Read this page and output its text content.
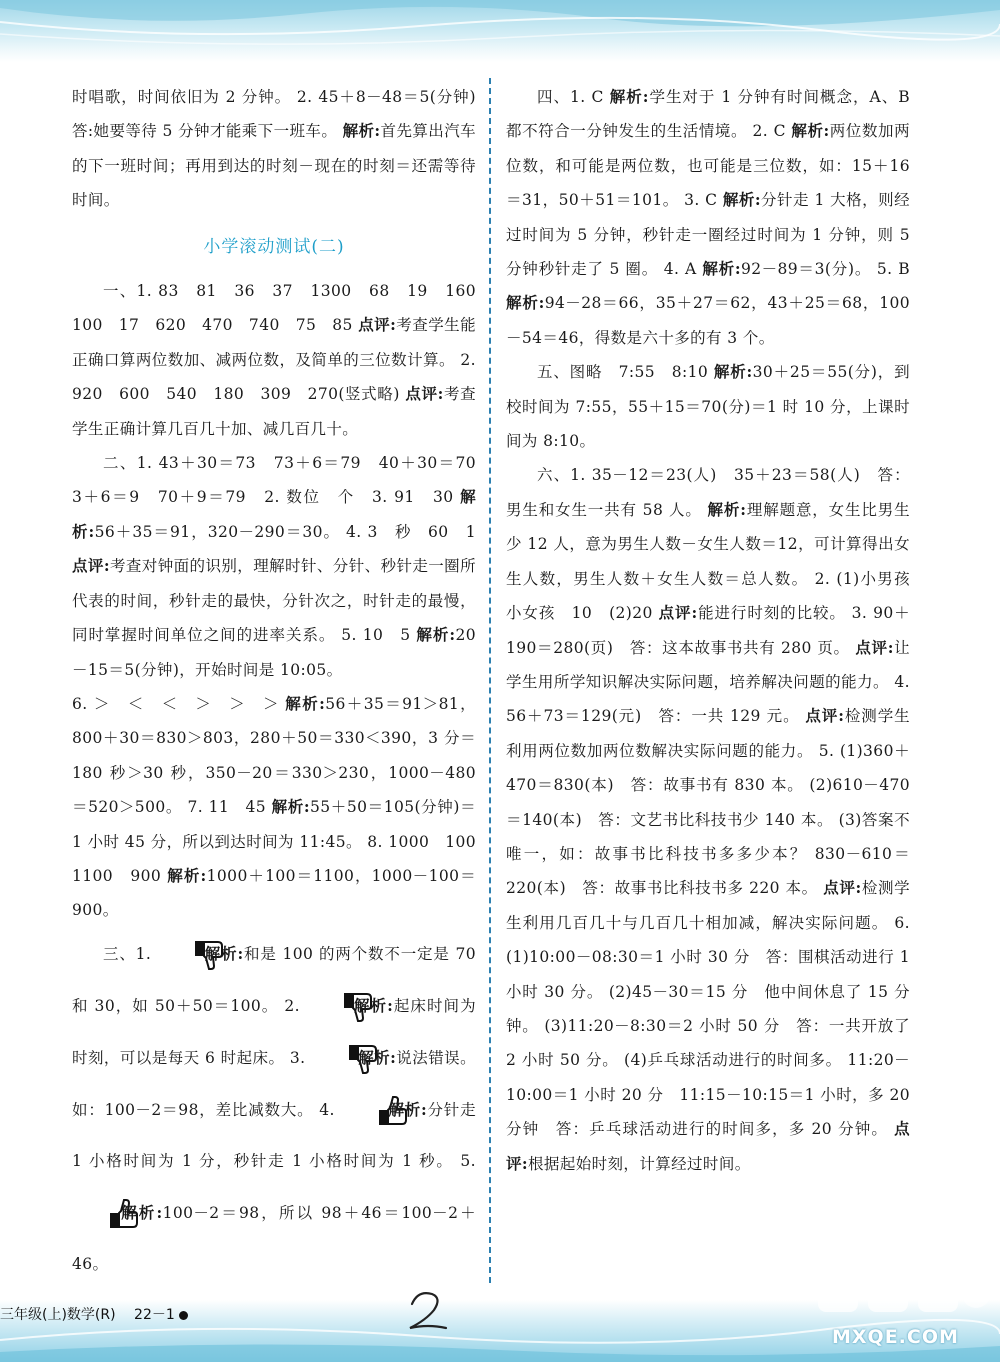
时唱歌，时间依旧为 2 分钟。 2. 45＋8－48＝5(分钟)　答:她要等待 5 分钟才能乘下一班车。 解析:首先算出汽车的下一班时间；再用到达的时刻－现在的时刻＝还需等待时间。

小学滚动测试(二)

一、1. 83　81　36　37　1300　68　19　160　100　17　620　470　740　75　85 点评:考查学生能正确口算两位数加、减两位数，及简单的三位数计算。 2. 920　600　540　180　309　270(竖式略) 点评:考查学生正确计算几百几十加、减几百几十。

二、1. 43＋30＝73　73＋6＝79　40＋30＝70　3＋6＝9　70＋9＝79　2. 数位　个　3. 91　30 解析:56＋35＝91，320－290＝30。 4. 3　秒　60　1 点评:考查对钟面的识别，理解时针、分针、秒针走一圈所代表的时间，秒针走的最快，分针次之，时针走的最慢，同时掌握时间单位之间的进率关系。 5. 10　5 解析:20－15＝5(分钟)，开始时间是 10:05。

6. ＞　＜　＜　＞　＞　＞ 解析:56＋35＝91＞81，800＋30＝830＞803，280＋50＝330＜390，3 分＝180 秒＞30 秒，350－20＝330＞230，1000－480＝520＞500。 7. 11　45 解析:55＋50＝105(分钟)＝1 小时 45 分，所以到达时间为 11:45。 8. 1000　100　1100　900 解析:1000＋100＝1100，1000－100＝900。

三、1.	解析:和是 100 的两个数不一定是 70 和 30，如 50＋50＝100。 2.	解析:起床时间为时刻，可以是每天 6 时起床。 3.	解析:说法错误。如：100－2＝98，差比减数大。 4.	解析:分针走 1 小格时间为 1 分，秒针走 1 小格时间为 1 秒。 5.  解析:100－2＝98，所以 98＋46＝100－2＋46。

四、1. C 解析:学生对于 1 分钟有时间概念，A、B 都不符合一分钟发生的生活情境。 2. C 解析:两位数加两位数，和可能是两位数，也可能是三位数，如：15＋16＝31，50＋51＝101。 3. C 解析:分针走 1 大格，则经过时间为 5 分钟，秒针走一圈经过时间为 1 分钟，则 5 分钟秒针走了 5 圈。 4. A 解析:92－89＝3(分)。 5. B 解析:94－28＝66，35＋27＝62，43＋25＝68，100－54＝46，得数是六十多的有 3 个。

五、图略　7:55　8:10 解析:30＋25＝55(分)，到校时间为 7:55，55＋15＝70(分)＝1 时 10 分，上课时间为 8:10。

六、1. 35－12＝23(人)　35＋23＝58(人)　答：男生和女生一共有 58 人。 解析:理解题意，女生比男生少 12 人，意为男生人数－女生人数＝12，可计算得出女生人数，男生人数＋女生人数＝总人数。 2. (1)小男孩　小女孩　10　(2)20 点评:能进行时刻的比较。 3. 90＋190＝280(页)　答：这本故事书共有 280 页。 点评:让学生用所学知识解决实际问题，培养解决问题的能力。 4. 56＋73＝129(元)　答：一共 129 元。 点评:检测学生利用两位数加两位数解决实际问题的能力。 5. (1)360＋470＝830(本)　答：故事书有 830 本。 (2)610－470＝140(本)　答：文艺书比科技书少 140 本。 (3)答案不唯一，如：故事书比科技书多多少本？ 830－610＝220(本)　答：故事书比科技书多 220 本。 点评:检测学生利用几百几十与几百几十相加减，解决实际问题。 6. (1)10:00－08:30＝1 小时 30 分　答：围棋活动进行 1 小时 30 分。 (2)45－30＝15 分　他中间休息了 15 分钟。 (3)11:20－8:30＝2 小时 50 分　答：一共开放了 2 小时 50 分。 (4)乒乓球活动进行的时间多。 11:20－10:00＝1 小时 20 分　11:15－10:15＝1 小时，多 20 分钟　答：乒乓球活动进行的时间多，多 20 分钟。 点评:根据起始时刻，计算经过时间。

三年级(上)数学(R) 22－1
MXQE.COM
